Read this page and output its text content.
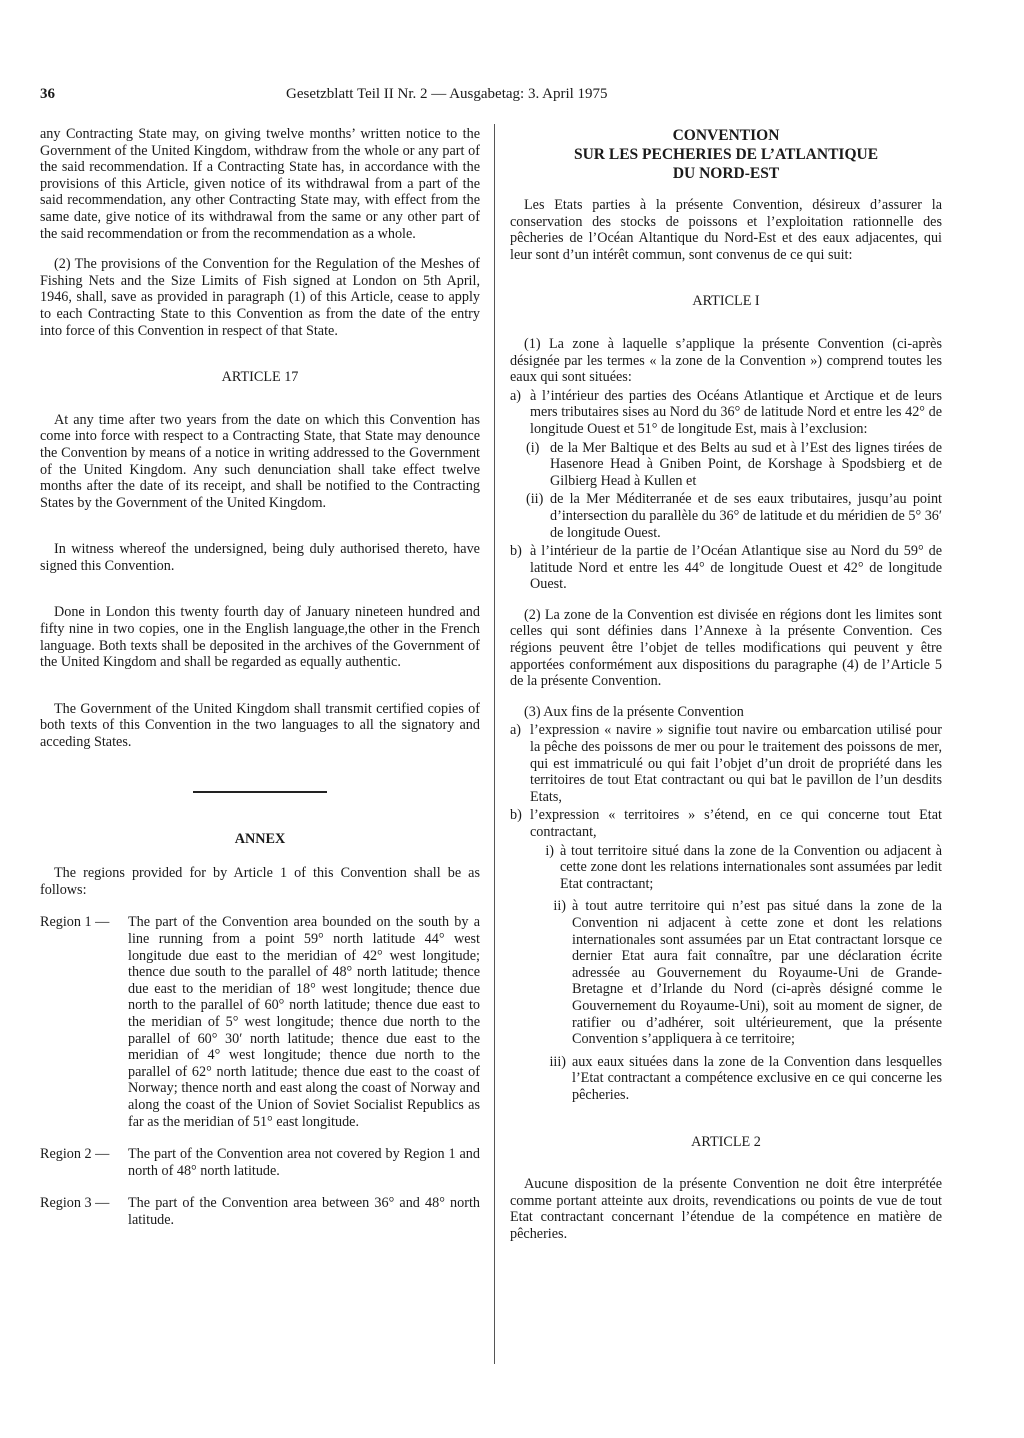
36	Gesetzblatt Teil II Nr. 2 — Ausgabetag: 3. April 1975

any Contracting State may, on giving twelve months’ written notice to the Government of the United Kingdom, withdraw from the whole or any part of the said recommendation. If a Contracting State has, in accordance with the provisions of this Article, given notice of its withdrawal from a part of the said recommendation, any other Contracting State may, with effect from the same date, give notice of its withdrawal from the same or any other part of the said recommendation or from the recommendation as a whole.

(2) The provisions of the Convention for the Regulation of the Meshes of Fishing Nets and the Size Limits of Fish signed at London on 5th April, 1946, shall, save as provided in paragraph (1) of this Article, cease to apply to each Contracting State to this Convention as from the date of the entry into force of this Convention in respect of that State.

ARTICLE 17

At any time after two years from the date on which this Convention has come into force with respect to a Contracting State, that State may denounce the Convention by means of a notice in writing addressed to the Government of the United Kingdom. Any such denunciation shall take effect twelve months after the date of its receipt, and shall be notified to the Contracting States by the Government of the United Kingdom.

In witness whereof the undersigned, being duly authorised thereto, have signed this Convention.

Done in London this twenty fourth day of January nineteen hundred and fifty nine in two copies, one in the English language,the other in the French language. Both texts shall be deposited in the archives of the Government of the United Kingdom and shall be regarded as equally authentic.

The Government of the United Kingdom shall transmit certified copies of both texts of this Convention in the two languages to all the signatory and acceding States.

ANNEX

The regions provided for by Article 1 of this Convention shall be as follows:

Region 1 —	The part of the Convention area bounded on the south by a line running from a point 59° north latitude 44° west longitude due east to the meridian of 42° west longitude; thence due south to the parallel of 48° north latitude; thence due east to the meridian of 18° west longitude; thence due north to the parallel of 60° north latitude; thence due east to the meridian of 5° west longitude; thence due north to the parallel of 60° 30′ north latitude; thence due east to the meridian of 4° west longitude; thence due north to the parallel of 62° north latitude; thence due east to the coast of Norway; thence north and east along the coast of Norway and along the coast of the Union of Soviet Socialist Republics as far as the meridian of 51° east longitude.
Region 2 —	The part of the Convention area not covered by Region 1 and north of 48° north latitude.
Region 3 —	The part of the Convention area between 36° and 48° north latitude.
CONVENTION
SUR LES PECHERIES DE L’ATLANTIQUE
DU NORD-EST

Les Etats parties à la présente Convention, désireux d’assurer la conservation des stocks de poissons et l’exploitation rationnelle des pêcheries de l’Océan Altantique du Nord-Est et des eaux adjacentes, qui leur sont d’un intérêt commun, sont convenus de ce qui suit:

ARTICLE I

(1) La zone à laquelle s’applique la présente Convention (ci-après désignée par les termes « la zone de la Convention ») comprend toutes les eaux qui sont situées:

a) à l’intérieur des parties des Océans Atlantique et Arctique et de leurs mers tributaires sises au Nord du 36° de latitude Nord et entre les 42° de longitude Ouest et 51° de longitude Est, mais à l’exclusion:
(i) de la Mer Baltique et des Belts au sud et à l’Est des lignes tirées de Hasenore Head à Gniben Point, de Korshage à Spodsbierg et de Gilbierg Head à Kullen et
(ii) de la Mer Méditerranée et de ses eaux tributaires, jusqu’au point d’intersection du parallèle du 36° de latitude et du méridien de 5° 36′ de longitude Ouest.
b) à l’intérieur de la partie de l’Océan Atlantique sise au Nord du 59° de latitude Nord et entre les 44° de longitude Ouest et 42° de longitude Ouest.

(2) La zone de la Convention est divisée en régions dont les limites sont celles qui sont définies dans l’Annexe à la présente Convention. Ces régions peuvent être l’objet de telles modifications qui peuvent y être apportées conformément aux dispositions du paragraphe (4) de l’Article 5 de la présente Convention.

(3) Aux fins de la présente Convention

a) l’expression « navire » signifie tout navire ou embarcation utilisé pour la pêche des poissons de mer ou pour le traitement des poissons de mer, qui est immatriculé ou qui fait l’objet d’un droit de propriété dans les territoires de tout Etat contractant ou qui bat le pavillon de l’un desdits Etats,
b) l’expression « territoires » s’étend, en ce qui concerne tout Etat contractant,
i) à tout territoire situé dans la zone de la Convention ou adjacent à cette zone dont les relations internationales sont assumées par ledit Etat contractant;
ii) à tout autre territoire qui n’est pas situé dans la zone de la Convention ni adjacent à cette zone et dont les relations internationales sont assumées par un Etat contractant lorsque ce dernier Etat aura fait connaître, par une déclaration écrite adressée au Gouvernement du Royaume-Uni de Grande-Bretagne et d’Irlande du Nord (ci-après désigné comme le Gouvernement du Royaume-Uni), soit au moment de signer, de ratifier ou d’adhérer, soit ultérieurement, que la présente Convention s’appliquera à ce territoire;
iii) aux eaux situées dans la zone de la Convention dans lesquelles l’Etat contractant a compétence exclusive en ce qui concerne les pêcheries.
ARTICLE 2

Aucune disposition de la présente Convention ne doit être interprétée comme portant atteinte aux droits, revendications ou points de vue de tout Etat contractant concernant l’étendue de la compétence en matière de pêcheries.
